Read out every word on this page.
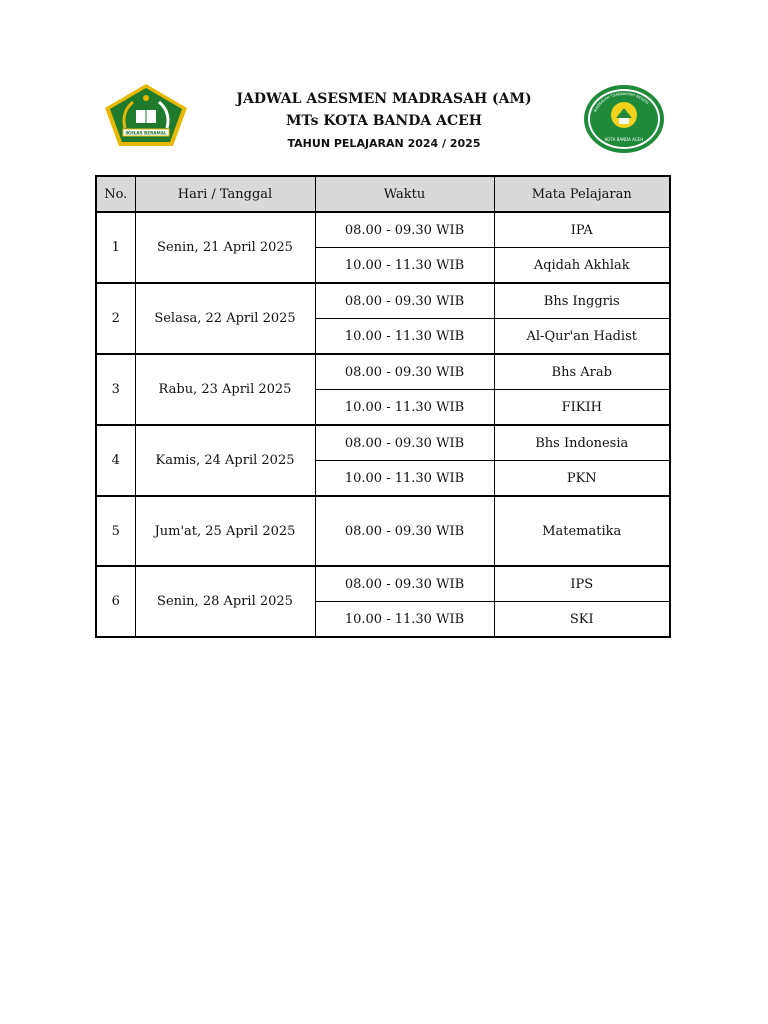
IKHLAS BERAMAL
JADWAL ASESMEN MADRASAH (AM)
MTs KOTA BANDA ACEH
TAHUN PELAJARAN 2024 / 2025
MADRASAH TSANAWIYAH NEGERI
KOTA BANDA ACEH
No.	Hari / Tanggal	Waktu	Mata Pelajaran
1	Senin, 21 April 2025	08.00 - 09.30 WIB	IPA
		10.00 - 11.30 WIB	Aqidah Akhlak
2	Selasa, 22 April 2025	08.00 - 09.30 WIB	Bhs Inggris
		10.00 - 11.30 WIB	Al-Qur'an Hadist
3	Rabu, 23 April 2025	08.00 - 09.30 WIB	Bhs Arab
		10.00 - 11.30 WIB	FIKIH
4	Kamis, 24 April 2025	08.00 - 09.30 WIB	Bhs Indonesia
		10.00 - 11.30 WIB	PKN
5	Jum'at, 25 April 2025	08.00 - 09.30 WIB	Matematika
6	Senin, 28 April 2025	08.00 - 09.30 WIB	IPS
		10.00 - 11.30 WIB	SKI
